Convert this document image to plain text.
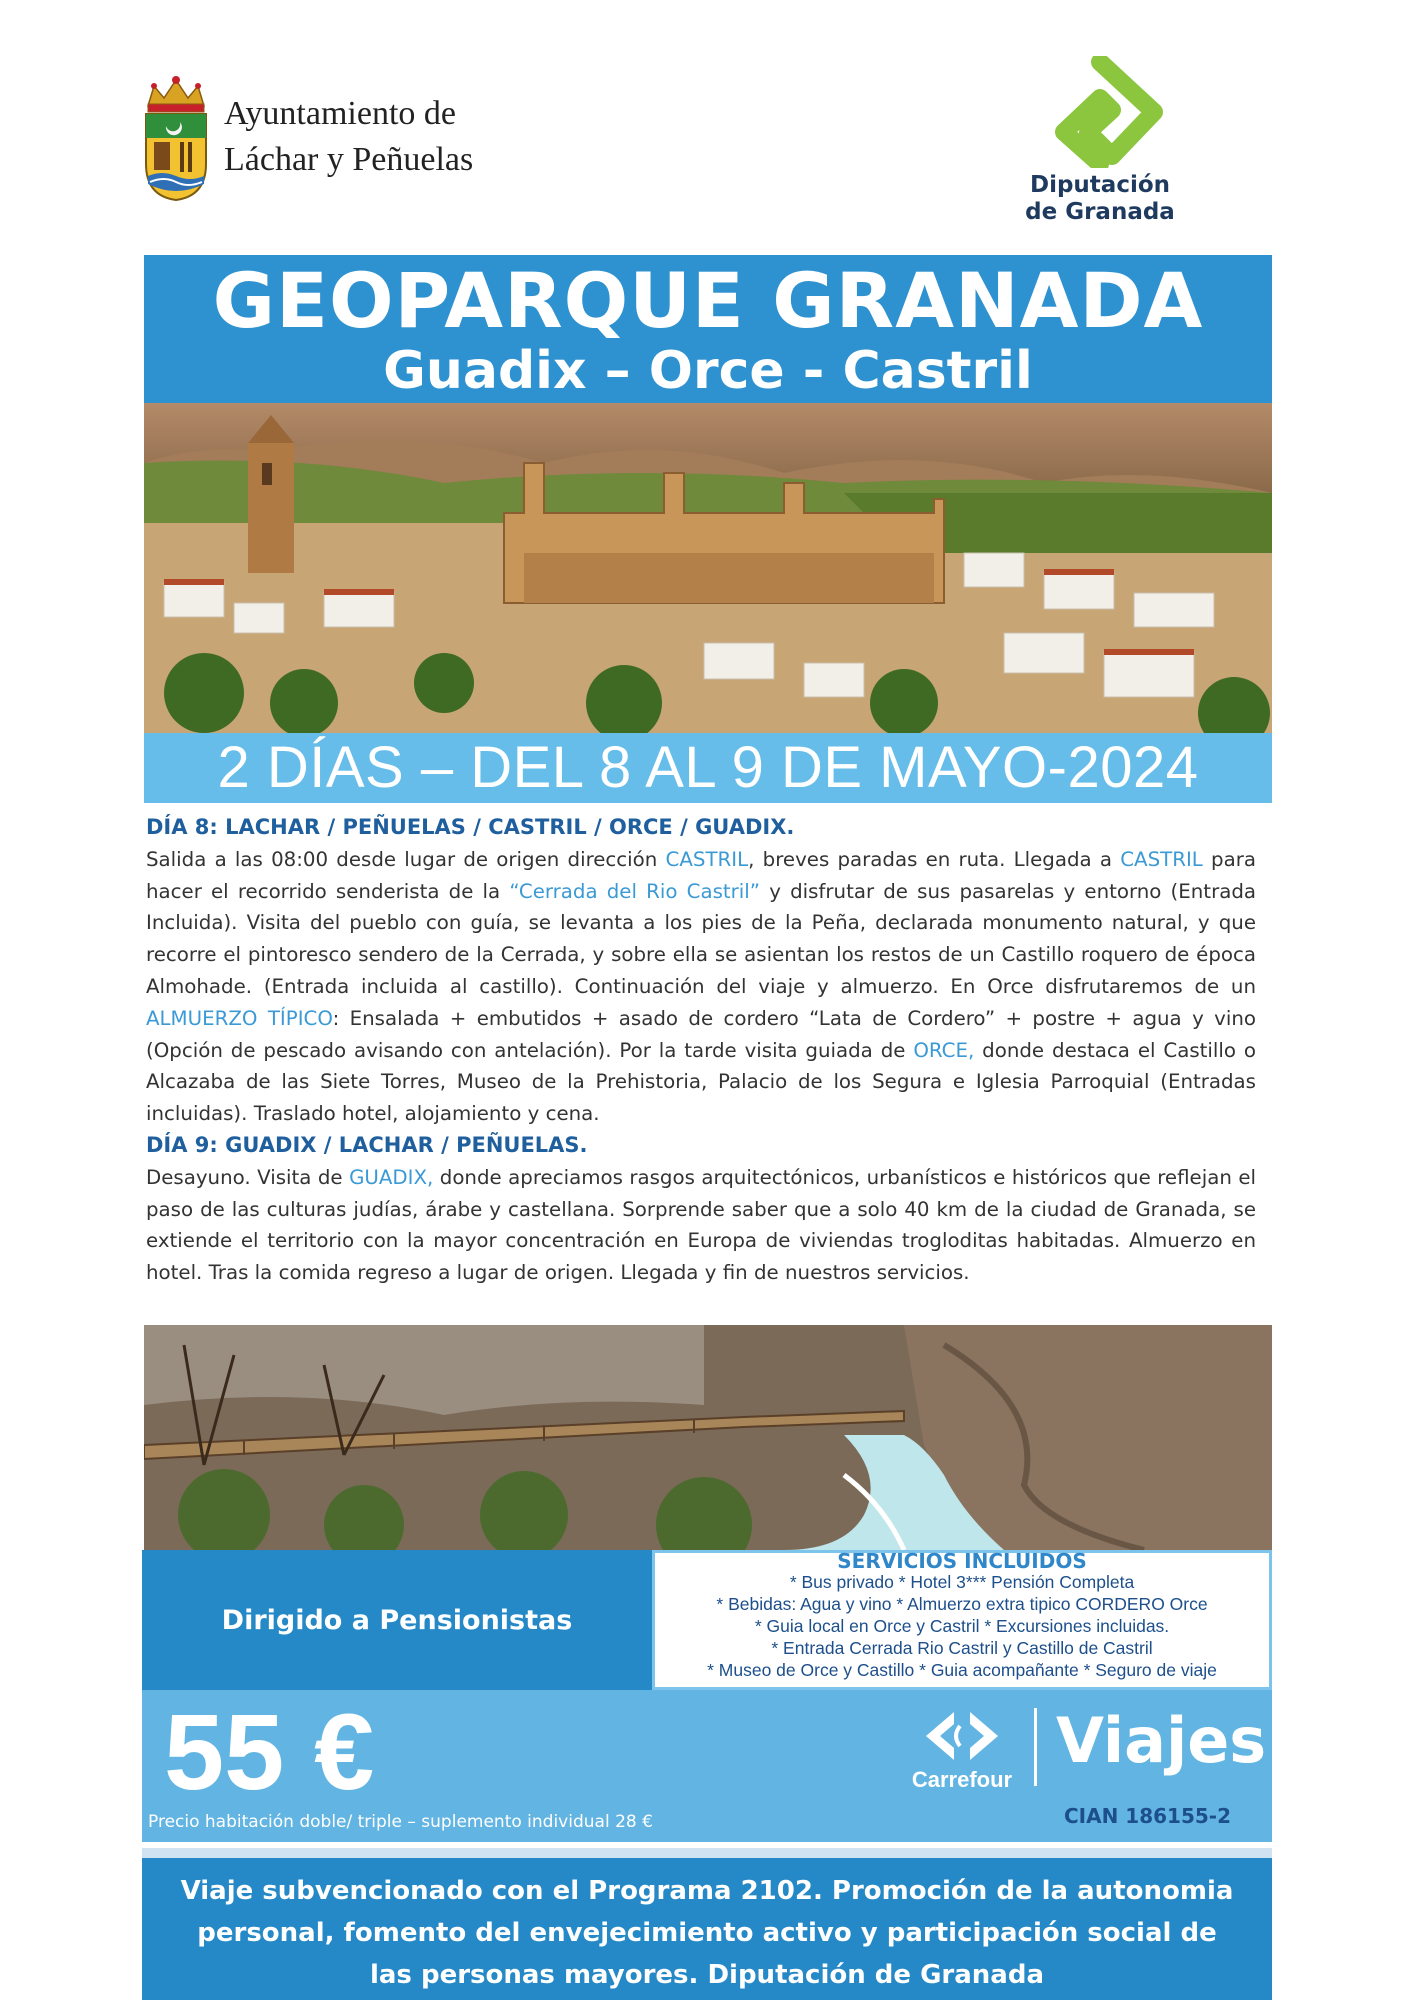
Ayuntamiento de
Láchar y Peñuelas
Diputación
de Granada
GEOPARQUE GRANADA
Guadix – Orce - Castril
2 DÍAS – DEL 8 AL 9 DE MAYO-2024
DÍA 8: LACHAR / PEÑUELAS / CASTRIL / ORCE / GUADIX.
Salida a las 08:00 desde lugar de origen dirección CASTRIL, breves paradas en ruta. Llegada a CASTRIL para hacer el recorrido senderista de la “Cerrada del Rio Castril” y disfrutar de sus pasarelas y entorno (Entrada Incluida). Visita del pueblo con guía, se levanta a los pies de la Peña, declarada monumento natural, y que recorre el pintoresco sendero de la Cerrada, y sobre ella se asientan los restos de un Castillo roquero de época Almohade. (Entrada incluida al castillo). Continuación del viaje y almuerzo. En Orce disfrutaremos de un ALMUERZO TÍPICO: Ensalada + embutidos + asado de cordero “Lata de Cordero” + postre + agua y vino (Opción de pescado avisando con antelación). Por la tarde visita guiada de ORCE, donde destaca el Castillo o Alcazaba de las Siete Torres, Museo de la Prehistoria, Palacio de los Segura e Iglesia Parroquial (Entradas incluidas). Traslado hotel, alojamiento y cena.
DÍA 9: GUADIX / LACHAR / PEÑUELAS.
Desayuno. Visita de GUADIX, donde apreciamos rasgos arquitectónicos, urbanísticos e históricos que reflejan el paso de las culturas judías, árabe y castellana. Sorprende saber que a solo 40 km de la ciudad de Granada, se extiende el territorio con la mayor concentración en Europa de viviendas trogloditas habitadas. Almuerzo en hotel. Tras la comida regreso a lugar de origen. Llegada y fin de nuestros servicios.
Dirigido a Pensionistas
SERVICIOS INCLUIDOS
* Bus privado * Hotel 3*** Pensión Completa
* Bebidas: Agua y vino * Almuerzo extra tipico CORDERO Orce
* Guia local en Orce y Castril * Excursiones incluidas.
* Entrada Cerrada Rio Castril y Castillo de Castril
* Museo de Orce y Castillo * Guia acompañante * Seguro de viaje
55 €
Precio habitación doble/ triple – suplemento individual 28 €
Carrefour
Viajes
CIAN 186155-2
Viaje subvencionado con el Programa 2102. Promoción de la autonomia
personal, fomento del envejecimiento activo y participación social de
las personas mayores. Diputación de Granada
